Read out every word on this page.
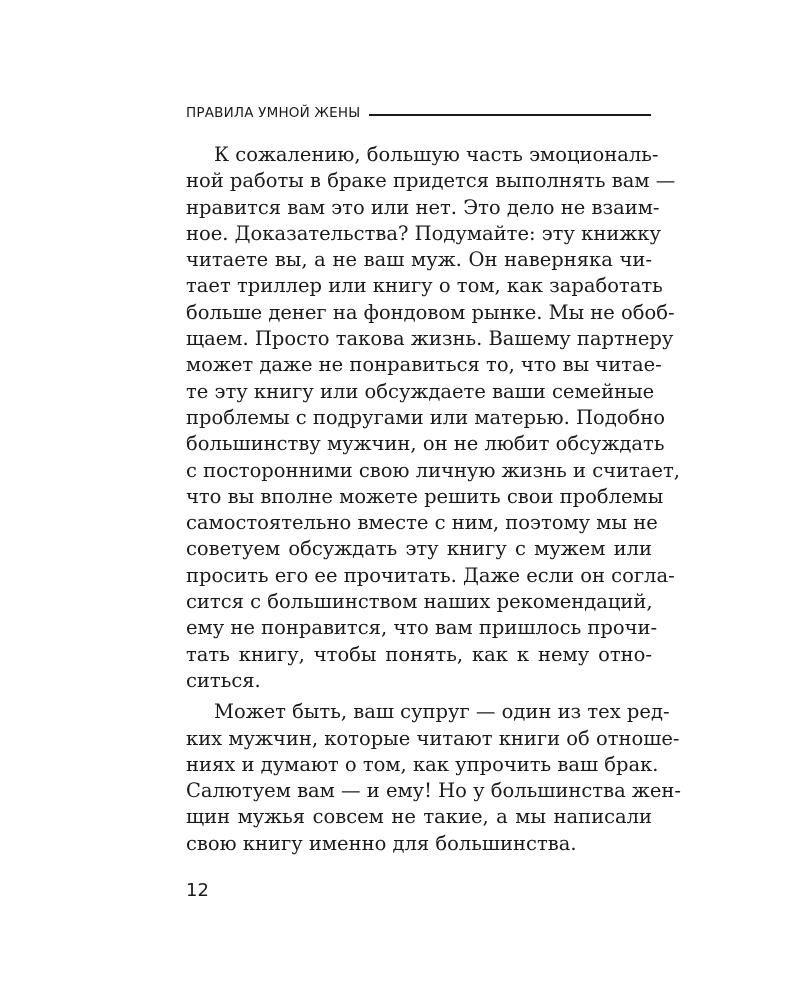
ПРАВИЛА УМНОЙ ЖЕНЫ

К сожалению, большую часть эмоциональ-

ной работы в браке придется выполнять вам —

нравится вам это или нет. Это дело не взаим-

ное. Доказательства? Подумайте: эту книжку

читаете вы, а не ваш муж. Он наверняка чи-

тает триллер или книгу о том, как заработать

больше денег на фондовом рынке. Мы не обоб-

щаем. Просто такова жизнь. Вашему партнеру

может даже не понравиться то, что вы читае-

те эту книгу или обсуждаете ваши семейные

проблемы с подругами или матерью. Подобно

большинству мужчин, он не любит обсуждать

с посторонними свою личную жизнь и считает,

что вы вполне можете решить свои проблемы

самостоятельно вместе с ним, поэтому мы не

советуем обсуждать эту книгу с мужем или

просить его ее прочитать. Даже если он согла-

сится с большинством наших рекомендаций,

ему не понравится, что вам пришлось прочи-

тать книгу, чтобы понять, как к нему отно-

ситься.

Может быть, ваш супруг — один из тех ред-

ких мужчин, которые читают книги об отноше-

ниях и думают о том, как упрочить ваш брак.

Салютуем вам — и ему! Но у большинства жен-

щин мужья совсем не такие, а мы написали

свою книгу именно для большинства.

12
